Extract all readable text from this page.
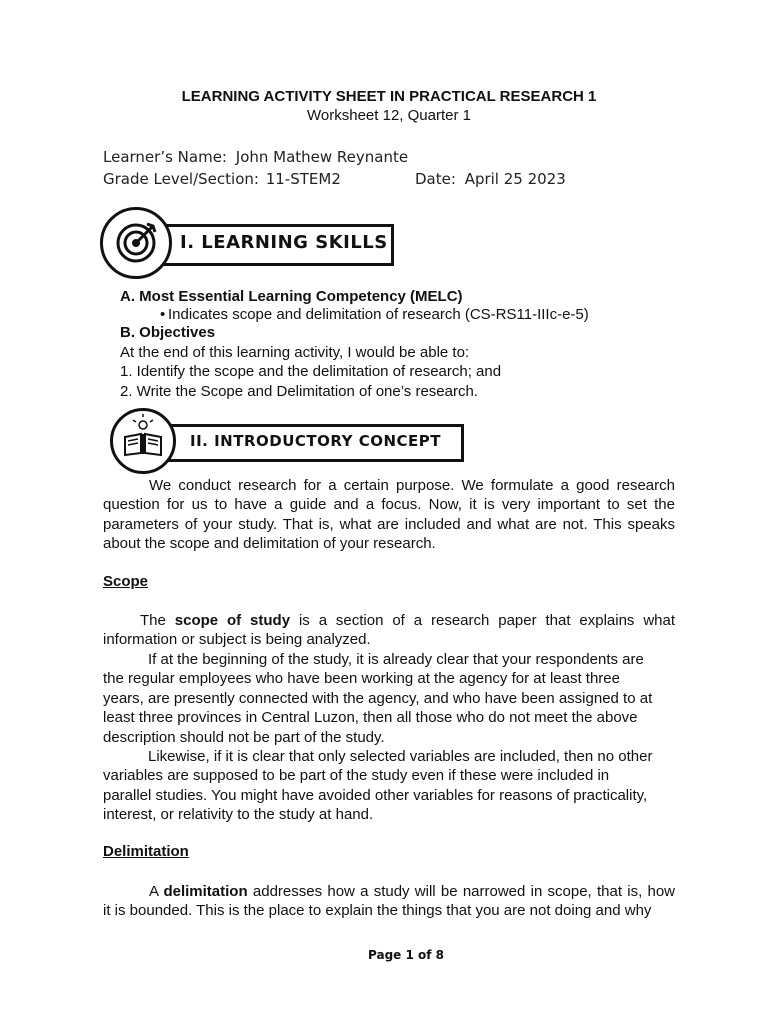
LEARNING ACTIVITY SHEET IN PRACTICAL RESEARCH 1
Worksheet 12, Quarter 1
Learner’s Name: John Mathew Reynante
Grade Level/Section: 11-STEM2	Date: April 25 2023
I. LEARNING SKILLS
A. Most Essential Learning Competency (MELC)
• Indicates scope and delimitation of research (CS-RS11-IIIc-e-5)
B. Objectives
At the end of this learning activity, I would be able to:
1. Identify the scope and the delimitation of research; and
2. Write the Scope and Delimitation of one’s research.
II. INTRODUCTORY CONCEPT
We conduct research for a certain purpose. We formulate a good research
question for us to have a guide and a focus. Now, it is very important to set the
parameters of your study. That is, what are included and what are not. This speaks
about the scope and delimitation of your research.
Scope
The scope of study is a section of a research paper that explains what
information or subject is being analyzed.
If at the beginning of the study, it is already clear that your respondents are
the regular employees who have been working at the agency for at least three
years, are presently connected with the agency, and who have been assigned to at
least three provinces in Central Luzon, then all those who do not meet the above
description should not be part of the study.
Likewise, if it is clear that only selected variables are included, then no other
variables are supposed to be part of the study even if these were included in
parallel studies. You might have avoided other variables for reasons of practicality,
interest, or relativity to the study at hand.
Delimitation
A delimitation addresses how a study will be narrowed in scope, that is, how
it is bounded. This is the place to explain the things that you are not doing and why
Page 1 of 8
